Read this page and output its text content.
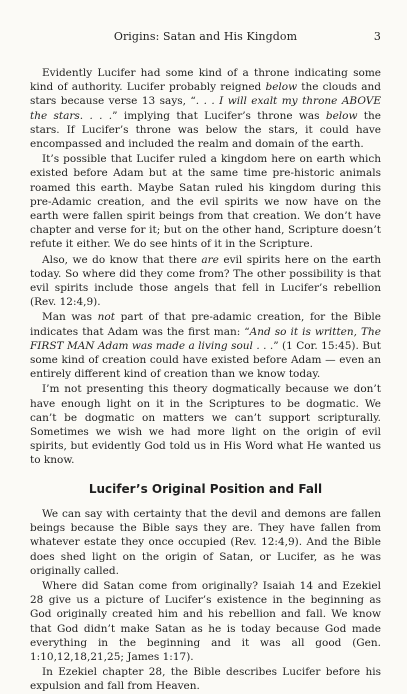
Origins: Satan and His Kingdom	3

Evidently Lucifer had some kind of a throne indicating some kind of authority. Lucifer probably reigned below the clouds and stars because verse 13 says, “. . . I will exalt my throne ABOVE the stars. . . .” implying that Lucifer’s throne was below the stars. If Lucifer’s throne was below the stars, it could have encompassed and included the realm and domain of the earth.

It’s possible that Lucifer ruled a kingdom here on earth which existed before Adam but at the same time pre-historic animals roamed this earth. Maybe Satan ruled his kingdom during this pre-Adamic creation, and the evil spirits we now have on the earth were fallen spirit beings from that creation. We don’t have chapter and verse for it; but on the other hand, Scripture doesn’t refute it either. We do see hints of it in the Scripture.

Also, we do know that there are evil spirits here on the earth today. So where did they come from? The other possibility is that evil spirits include those angels that fell in Lucifer’s rebellion (Rev. 12:4,9).

Man was not part of that pre-adamic creation, for the Bible indicates that Adam was the first man: “And so it is written, The FIRST MAN Adam was made a living soul . . .” (1 Cor. 15:45). But some kind of creation could have existed before Adam — even an entirely different kind of creation than we know today.

I’m not presenting this theory dogmatically because we don’t have enough light on it in the Scriptures to be dogmatic. We can’t be dogmatic on matters we can’t support scripturally. Sometimes we wish we had more light on the origin of evil spirits, but evidently God told us in His Word what He wanted us to know.

Lucifer’s Original Position and Fall

We can say with certainty that the devil and demons are fallen beings because the Bible says they are. They have fallen from whatever estate they once occupied (Rev. 12:4,9). And the Bible does shed light on the origin of Satan, or Lucifer, as he was originally called.

Where did Satan come from originally? Isaiah 14 and Ezekiel 28 give us a picture of Lucifer’s existence in the beginning as God originally created him and his rebellion and fall. We know that God didn’t make Satan as he is today because God made everything in the beginning and it was all good (Gen. 1:10,12,18,21,25; James 1:17).

In Ezekiel chapter 28, the Bible describes Lucifer before his expulsion and fall from Heaven.
